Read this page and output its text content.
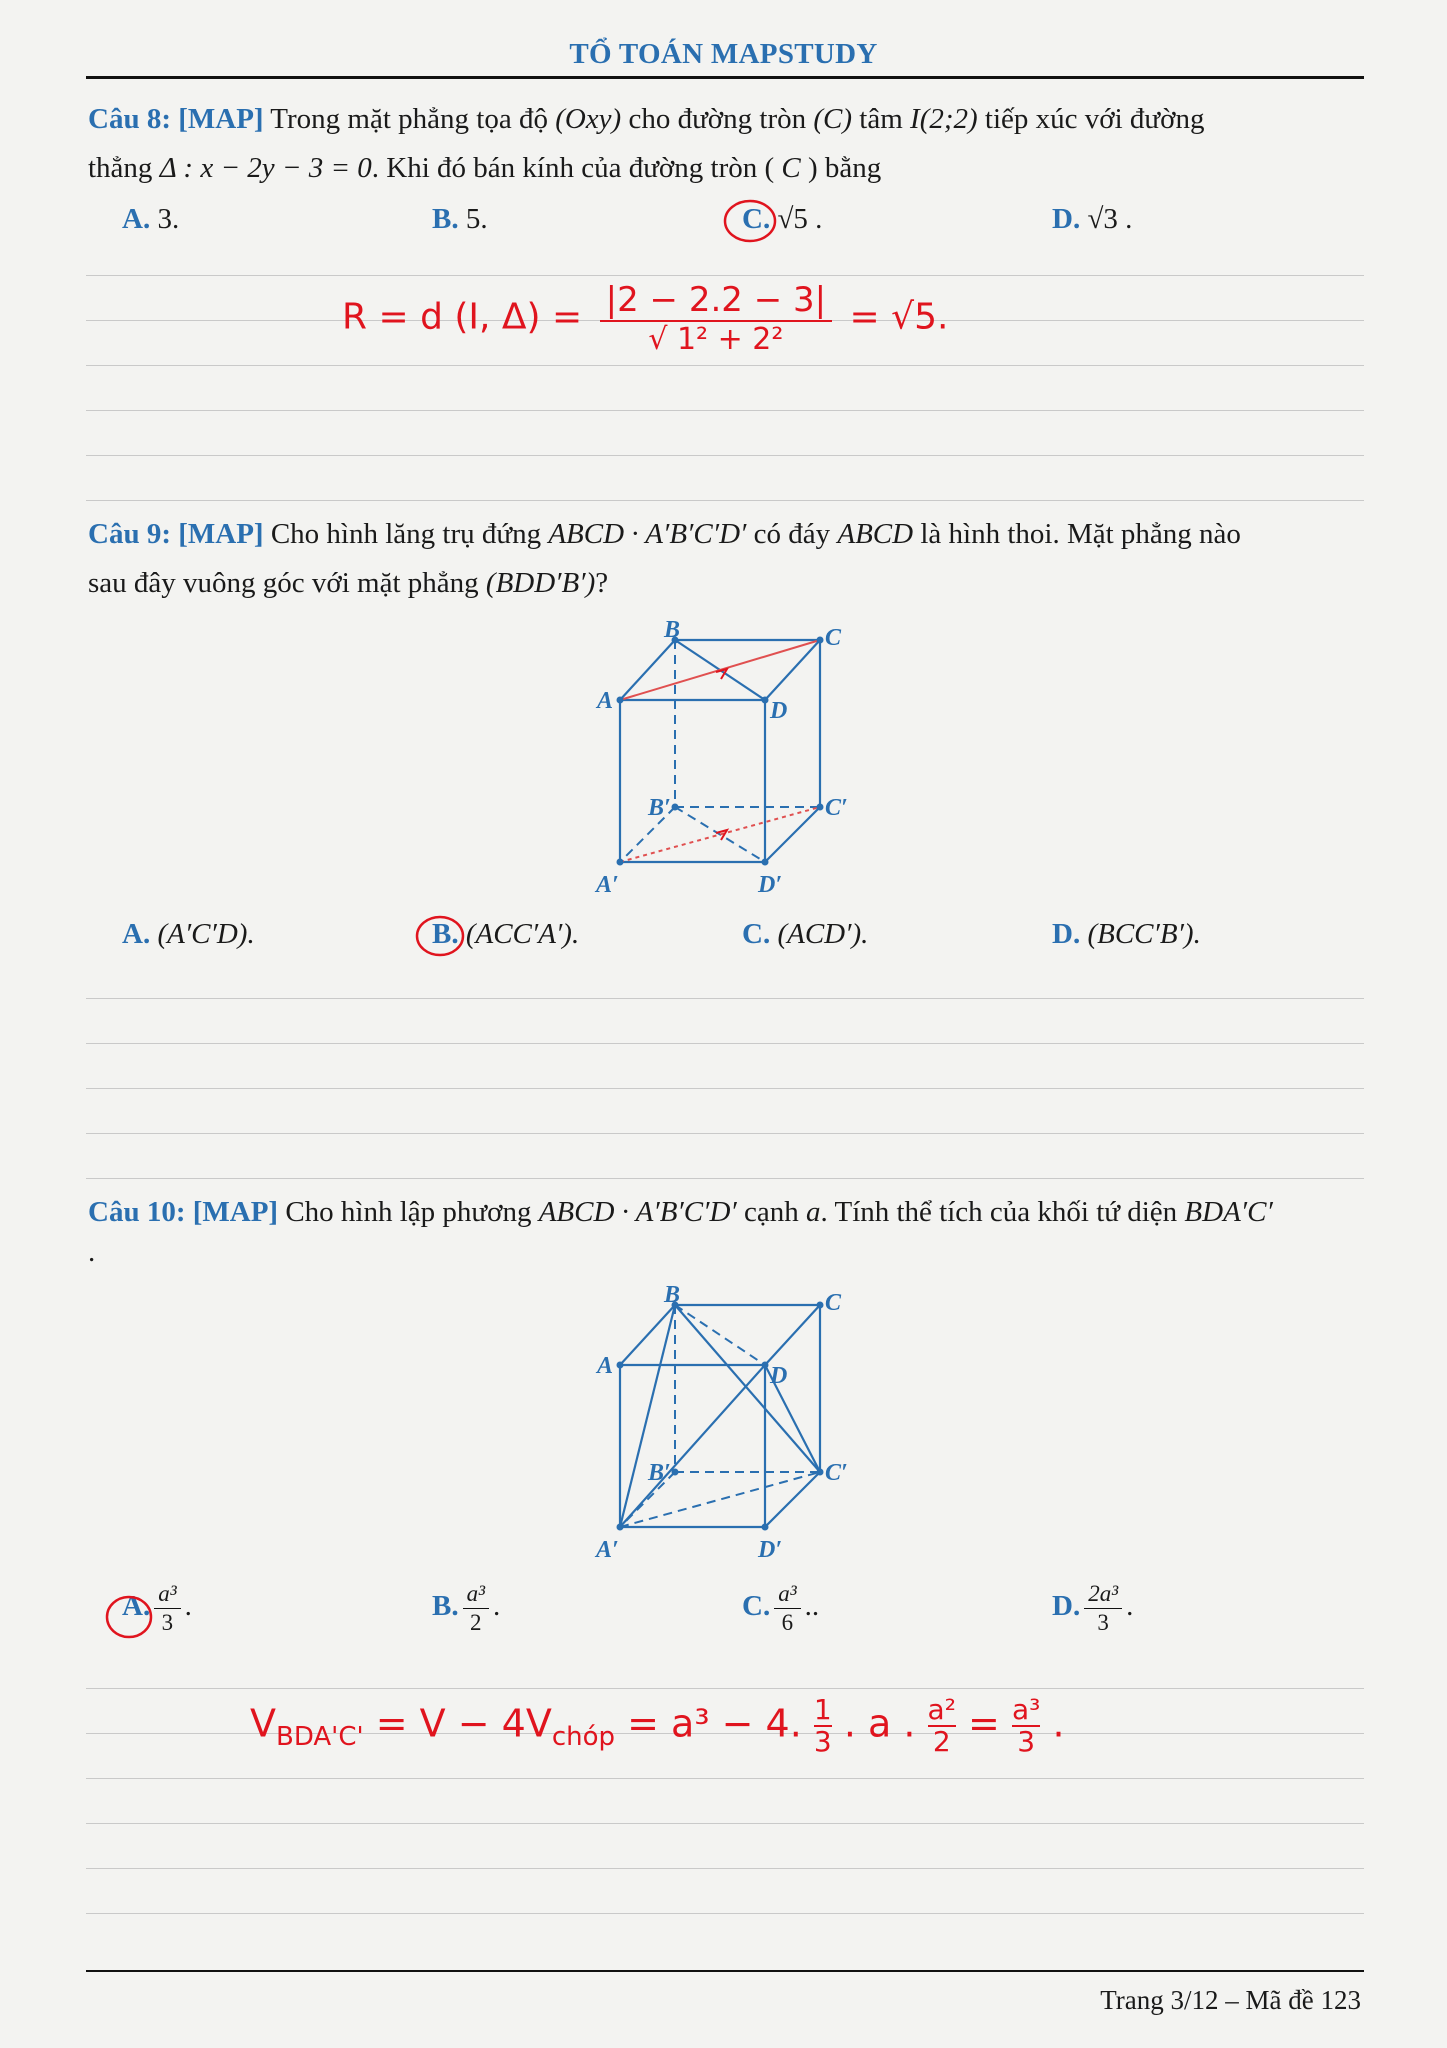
TỔ TOÁN MAPSTUDY
Câu 8: [MAP] Trong mặt phẳng tọa độ (Oxy) cho đường tròn (C) tâm I(2;2) tiếp xúc với đường
thẳng Δ : x − 2y − 3 = 0. Khi đó bán kính của đường tròn ( C ) bằng
A. 3.	B. 5.	C. √5 .	D. √3 .
R = d (I, $\Delta) = \frac{|2 - 2.2 - 3|}{\text{√ 1² + 2²}} = √5$.
Câu 9: [MAP] Cho hình lăng trụ đứng ABCD · A′B′C′D′ có đáy ABCD là hình thoi. Mặt phẳng nào
sau đây vuông góc với mặt phẳng (BDD′B′)?
B	C
A	D
B′	C′
A′	D′
A. (A′C′D).	B. (ACC′A′).	C. (ACD′).	D. (BCC′B′).
Câu 10: [MAP] Cho hình lập phương ABCD · A′B′C′D′ cạnh a. Tính thể tích của khối tứ diện BDA′C′
.
B	C
A	D
B′	C′
A′	D′
A. $\frac{\text{a³}}{3}$ .	B. $\frac{\text{a³}}{2}$ .	C. $\frac{\text{a³}}{6}$ ..	D. $\frac{\text{2a³}}{3}$ .
$V_{BDA'C'} = V - 4V_{chóp} = a^3 - 4$. $\frac{1}{3}$ . a . $\frac{\text{a²}}{2} = \frac{\text{a³}}{3}$ .
Trang 3/12 – Mã đề 123
